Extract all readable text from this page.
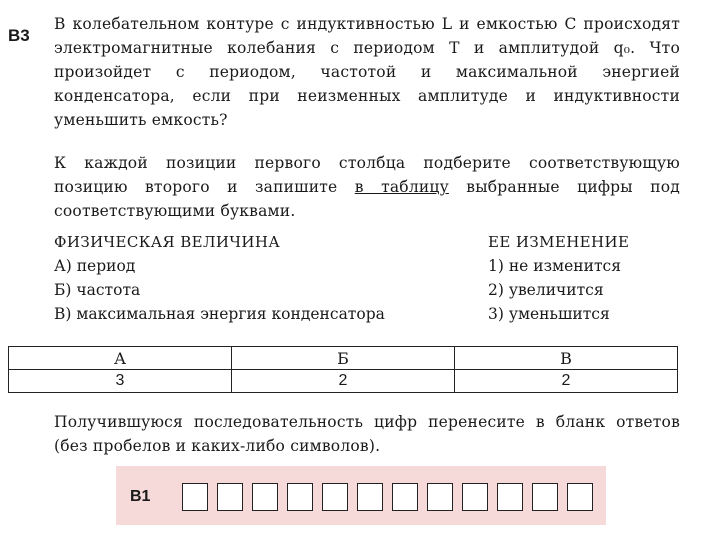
B3
В колебательном контуре с индуктивностью L и емкостью C происходят электромагнитные колебания с периодом T и амплитудой q₀. Что произойдет с периодом, частотой и максимальной энергией конденсатора, если при неизменных амплитуде и индуктивности уменьшить емкость?
К каждой позиции первого столбца подберите соответствующую позицию второго и запишите в таблицу выбранные цифры под соответствующими буквами.
ФИЗИЧЕСКАЯ ВЕЛИЧИНА
А) период
Б) частота
В) максимальная энергия конденсатора
ЕЕ ИЗМЕНЕНИЕ
1) не изменится
2) увеличится
3) уменьшится
А	Б	В
3	2	2
Получившуюся последовательность цифр перенесите в бланк ответов (без пробелов и каких-либо символов).
B1
